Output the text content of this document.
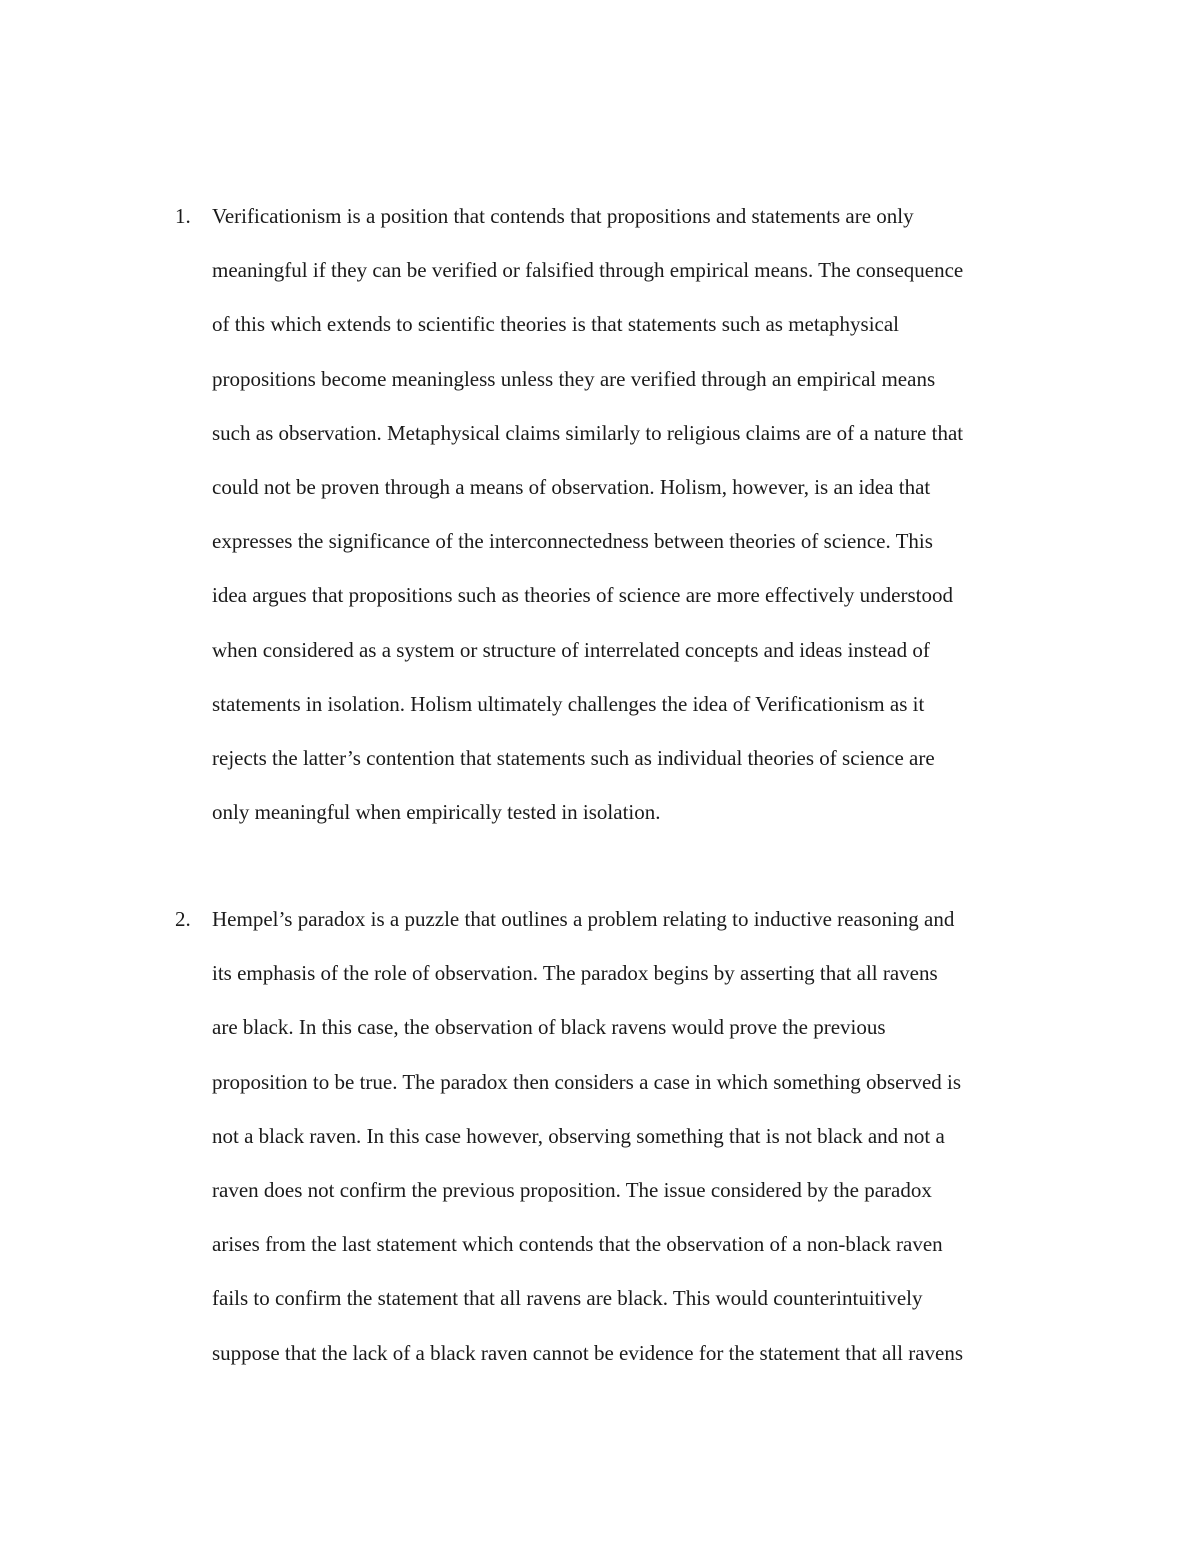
1. Verificationism is a position that contends that propositions and statements are only
meaningful if they can be verified or falsified through empirical means. The consequence
of this which extends to scientific theories is that statements such as metaphysical
propositions become meaningless unless they are verified through an empirical means
such as observation. Metaphysical claims similarly to religious claims are of a nature that
could not be proven through a means of observation. Holism, however, is an idea that
expresses the significance of the interconnectedness between theories of science. This
idea argues that propositions such as theories of science are more effectively understood
when considered as a system or structure of interrelated concepts and ideas instead of
statements in isolation. Holism ultimately challenges the idea of Verificationism as it
rejects the latter’s contention that statements such as individual theories of science are
only meaningful when empirically tested in isolation.
2. Hempel’s paradox is a puzzle that outlines a problem relating to inductive reasoning and
its emphasis of the role of observation. The paradox begins by asserting that all ravens
are black. In this case, the observation of black ravens would prove the previous
proposition to be true. The paradox then considers a case in which something observed is
not a black raven. In this case however, observing something that is not black and not a
raven does not confirm the previous proposition. The issue considered by the paradox
arises from the last statement which contends that the observation of a non-black raven
fails to confirm the statement that all ravens are black. This would counterintuitively
suppose that the lack of a black raven cannot be evidence for the statement that all ravens
